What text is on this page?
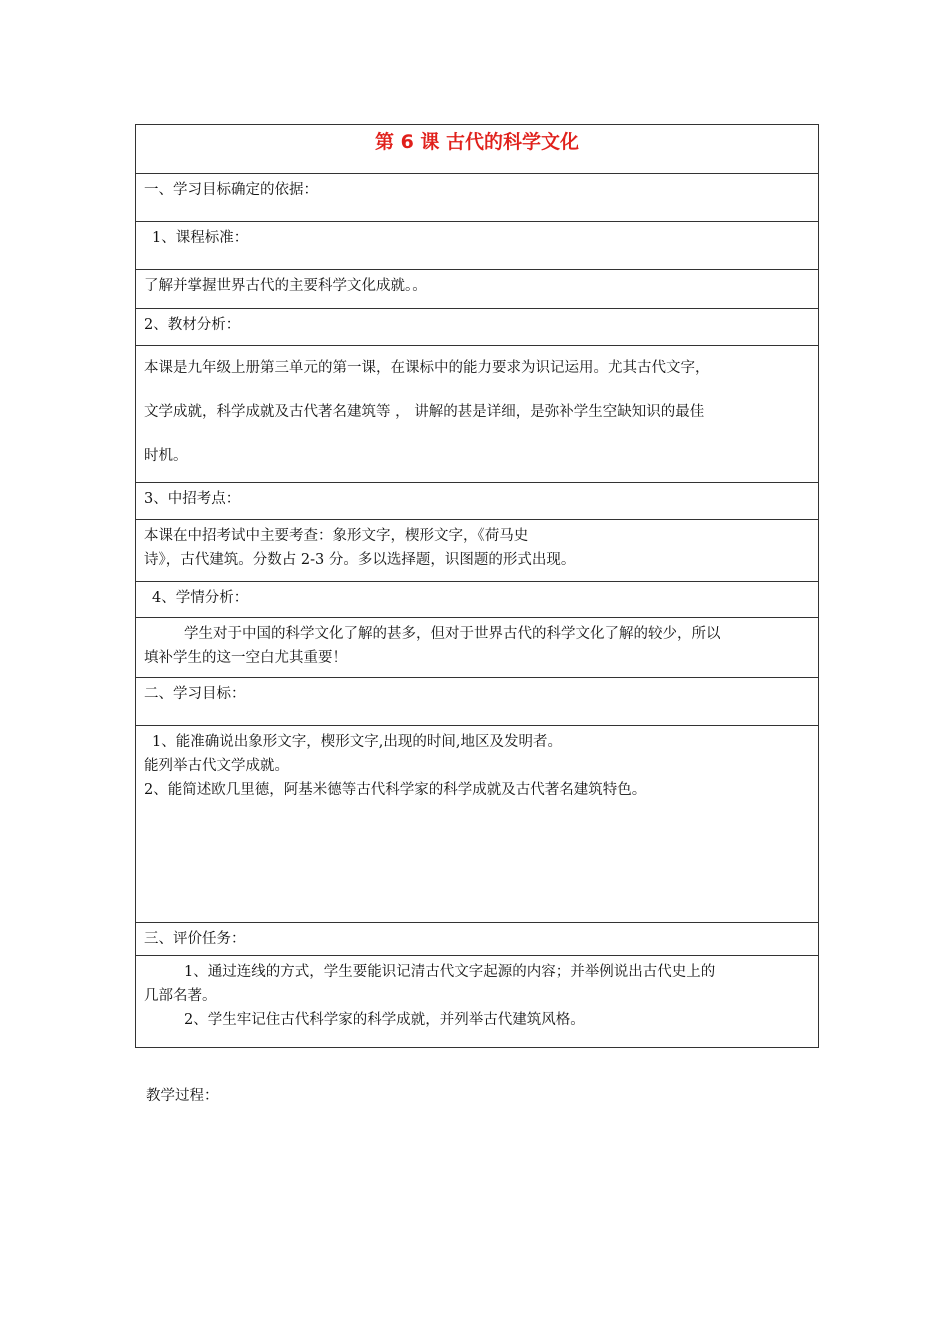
第 6 课 古代的科学文化
一、学习目标确定的依据：
1、课程标准：
了解并掌握世界古代的主要科学文化成就。。
2、教材分析：

本课是九年级上册第三单元的第一课，在课标中的能力要求为识记运用。尤其古代文字，

文学成就，科学成就及古代著名建筑等 ， 讲解的甚是详细，是弥补学生空缺知识的最佳

时机。

3、中招考点：

本课在中招考试中主要考查：象形文字，楔形文字，《荷马史

诗》，古代建筑。分数占 2-3 分。多以选择题，识图题的形式出现。

4、学情分析：

学生对于中国的科学文化了解的甚多，但对于世界古代的科学文化了解的较少，所以

填补学生的这一空白尤其重要！

二、学习目标：

1、能准确说出象形文字，楔形文字,出现的时间,地区及发明者。

能列举古代文学成就。

2、能简述欧几里德，阿基米德等古代科学家的科学成就及古代著名建筑特色。

三、评价任务：

1、通过连线的方式，学生要能识记清古代文字起源的内容；并举例说出古代史上的

几部名著。

2、学生牢记住古代科学家的科学成就，并列举古代建筑风格。

教学过程：
